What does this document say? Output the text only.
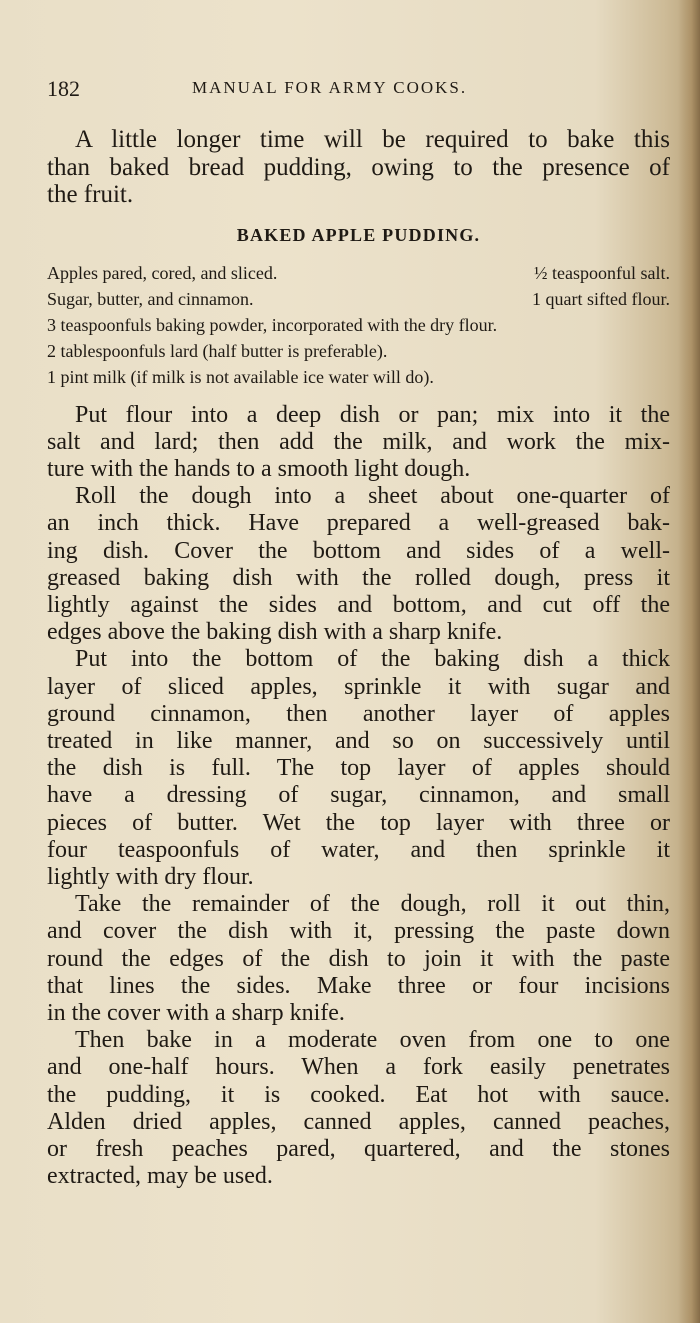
182	MANUAL FOR ARMY COOKS.
A little longer time will be required to bake this
than baked bread pudding, owing to the presence of
the fruit.
BAKED APPLE PUDDING.
Apples pared, cored, and sliced.	½ teaspoonful salt.
Sugar, butter, and cinnamon.	1 quart sifted flour.
3 teaspoonfuls baking powder, incorporated with the dry flour.
2 tablespoonfuls lard (half butter is preferable).
1 pint milk (if milk is not available ice water will do).

Put flour into a deep dish or pan; mix into it the
salt and lard; then add the milk, and work the mix-
ture with the hands to a smooth light dough.

Roll the dough into a sheet about one-quarter of
an inch thick. Have prepared a well-greased bak-
ing dish. Cover the bottom and sides of a well-
greased baking dish with the rolled dough, press it
lightly against the sides and bottom, and cut off the
edges above the baking dish with a sharp knife.

Put into the bottom of the baking dish a thick
layer of sliced apples, sprinkle it with sugar and
ground cinnamon, then another layer of apples
treated in like manner, and so on successively until
the dish is full. The top layer of apples should
have a dressing of sugar, cinnamon, and small
pieces of butter. Wet the top layer with three or
four teaspoonfuls of water, and then sprinkle it
lightly with dry flour.

Take the remainder of the dough, roll it out thin,
and cover the dish with it, pressing the paste down
round the edges of the dish to join it with the paste
that lines the sides. Make three or four incisions
in the cover with a sharp knife.

Then bake in a moderate oven from one to one
and one-half hours. When a fork easily penetrates
the pudding, it is cooked. Eat hot with sauce.
Alden dried apples, canned apples, canned peaches,
or fresh peaches pared, quartered, and the stones
extracted, may be used.
